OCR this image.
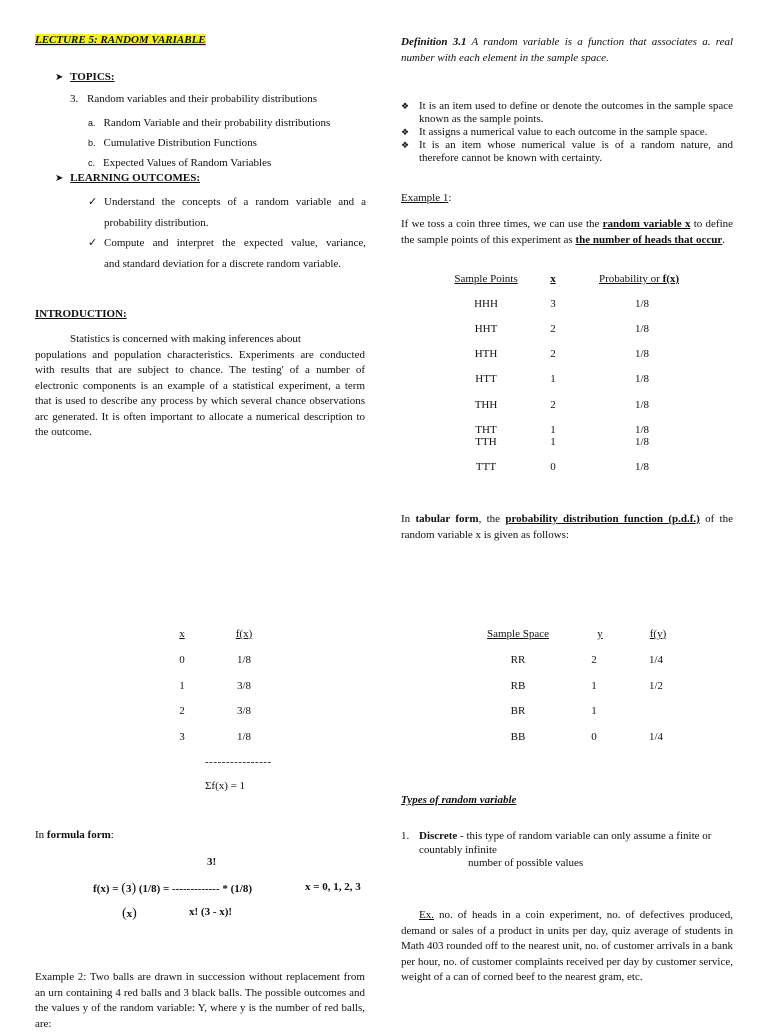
LECTURE 5: RANDOM VARIABLE
➤ TOPICS:
3. Random variables and their probability distributions
a. Random Variable and their probability distributions
b. Cumulative Distribution Functions
c. Expected Values of Random Variables
➤ LEARNING OUTCOMES:
✓ Understand the concepts of a random variable and a
probability distribution.
✓ Compute and interpret the expected value, variance,
and standard deviation for a discrete random variable.
INTRODUCTION:
Statistics is concerned with making inferences about
populations and population characteristics. Experiments are conducted with results that are subject to chance. The testing' of a number of electronic components is an example of a statistical experiment, a term that is used to describe any process by which several chance observations arc generated. It is often important to allocate a numerical description to the outcome.
x	f(x)
0	1/8
1	3/8
2	3/8
3	1/8
----------------
Σf(x) = 1
In formula form:
3!
f(x) = (3) (1/8) = ------------- * (1/8)	x = 0, 1, 2, 3
(x)	x! (3 - x)!
Example 2: Two balls are drawn in succession without replacement from an urn containing 4 red balls and 3 black balls. The possible outcomes and the values y of the random variable: Y, where y is the number of red balls, are:
Definition 3.1 A random variable is a function that associates a. real number with each element in the sample space.
❖ It is an item used to define or denote the outcomes in the sample space known as the sample points.
❖ It assigns a numerical value to each outcome in the sample space.
❖ It is an item whose numerical value is of a random nature, and therefore cannot be known with certainty.
Example 1:
If we toss a coin three times, we can use the random variable x to define the sample points of this experiment as the number of heads that occur.
Sample Points	x	Probability or f(x)
HHH	3	1/8
HHT	2	1/8
HTH	2	1/8
HTT	1	1/8
THH	2	1/8
THT	1	1/8
TTH	1	1/8
TTT	0	1/8
In tabular form, the probability distribution function (p.d.f.) of the random variable x is given as follows:
Sample Space	y	f(y)
RR	2	1/4
RB	1	1/2
BR	1
BB	0	1/4
Types of random variable
1. Discrete - this type of random variable can only assume a finite or countably infinite
number of possible values
Ex. no. of heads in a coin experiment, no. of defectives produced, demand or sales of a product in units per day, quiz average of students in Math 403 rounded off to the nearest unit, no. of customer arrivals in a bank per hour, no. of customer complaints received per day by customer service, weight of a can of corned beef to the nearest gram, etc.
